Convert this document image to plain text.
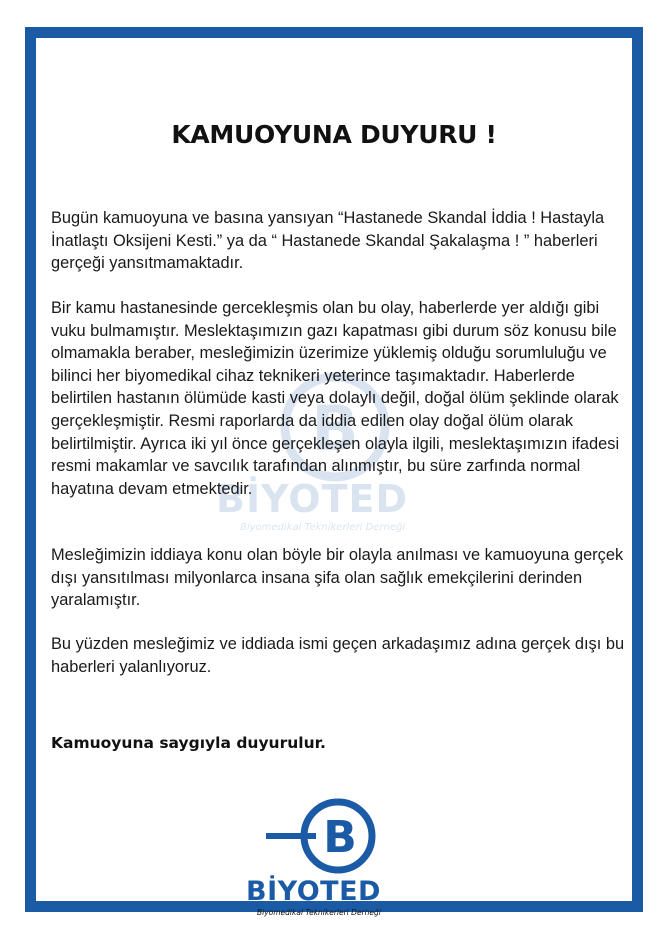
KAMUOYUNA DUYURU !

Bugün kamuoyuna ve basına yansıyan “Hastanede Skandal İddia ! Hastayla İnatlaştı Oksijeni Kesti.” ya da “ Hastanede Skandal Şakalaşma ! ” haberleri gerçeği yansıtmamaktadır.

Bir kamu hastanesinde gercekleşmis olan bu olay, haberlerde yer aldığı gibi vuku bulmamıştır. Meslektaşımızın gazı kapatması gibi durum söz konusu bile olmamakla beraber, mesleğimizin üzerimize yüklemiş olduğu sorumluluğu ve bilinci her biyomedikal cihaz teknikeri yeterince taşımaktadır. Haberlerde belirtilen hastanın ölümüde kasti veya dolaylı değil, doğal ölüm şeklinde olarak gerçekleşmiştir. Resmi raporlarda da iddia edilen olay doğal ölüm olarak belirtilmiştir. Ayrıca iki yıl önce gerçekleşen olayla ilgili, meslektaşımızın ifadesi resmi makamlar ve savcılık tarafından alınmıştır, bu süre zarfında normal hayatına devam etmektedir.

Mesleğimizin iddiaya konu olan böyle bir olayla anılması ve kamuoyuna gerçek dışı yansıtılması milyonlarca insana şifa olan sağlık emekçilerini derinden yaralamıştır.

Bu yüzden mesleğimiz ve iddiada ismi geçen arkadaşımız adına gerçek dışı bu haberleri yalanlıyoruz.

Kamuoyuna saygıyla duyurulur.

B
BİYOTED
Biyomedikal Teknikerleri Derneği
